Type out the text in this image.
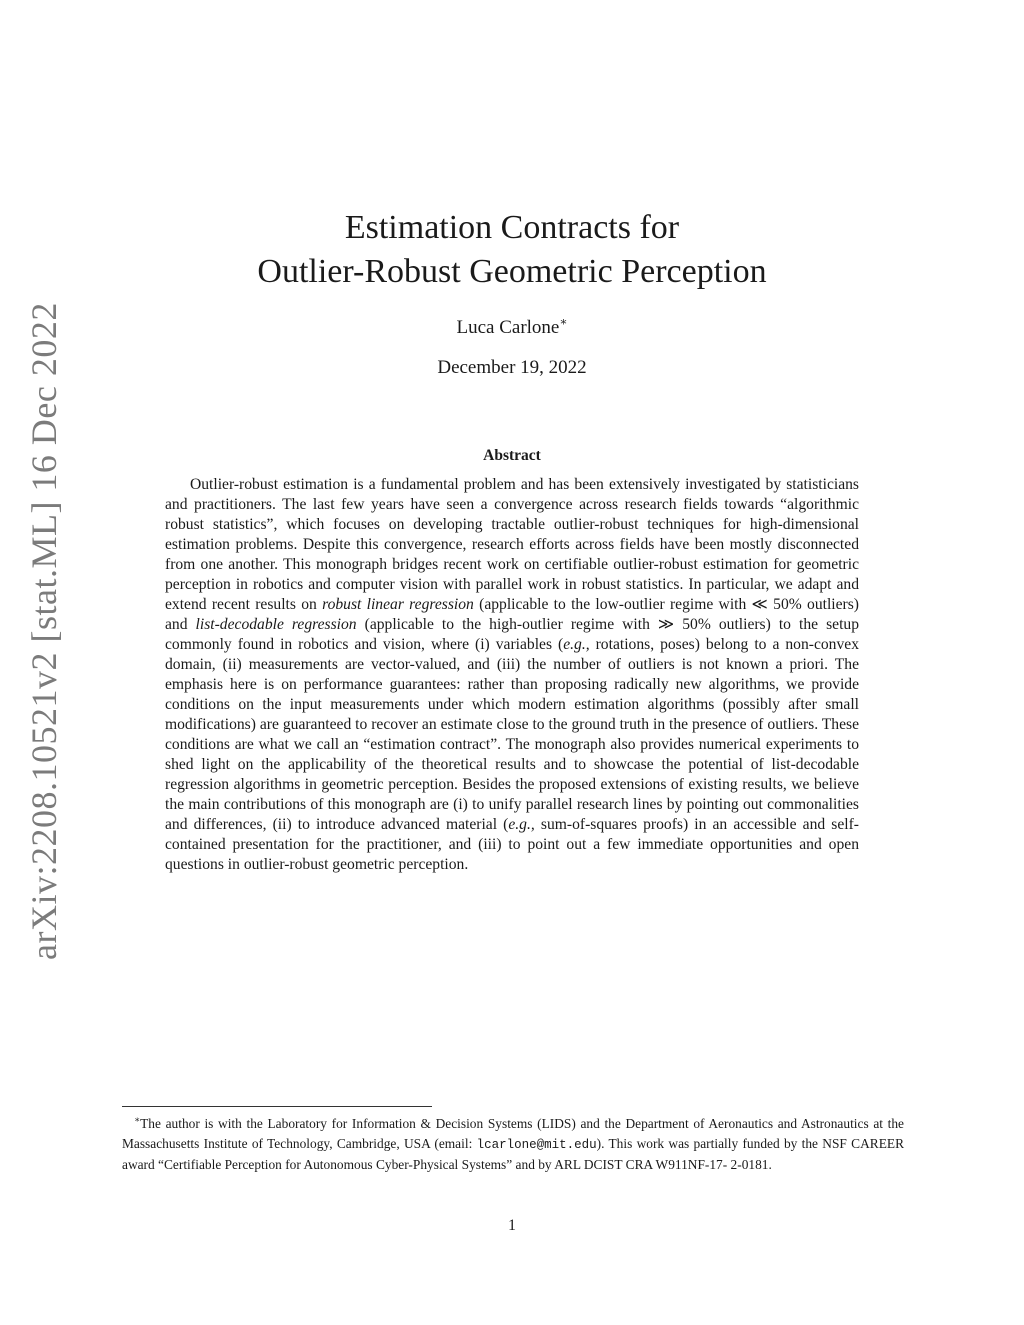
arXiv:2208.10521v2 [stat.ML] 16 Dec 2022
Estimation Contracts for
Outlier-Robust Geometric Perception
Luca Carlone∗
December 19, 2022
Abstract

Outlier-robust estimation is a fundamental problem and has been extensively investigated by statisticians and practitioners. The last few years have seen a convergence across research fields towards “algorithmic robust statistics”, which focuses on developing tractable outlier-robust techniques for high-dimensional estimation problems. Despite this convergence, research efforts across fields have been mostly disconnected from one another. This monograph bridges recent work on certifiable outlier-robust estimation for geometric perception in robotics and computer vision with parallel work in robust statistics. In particular, we adapt and extend recent results on robust linear regression (applicable to the low-outlier regime with ≪ 50% outliers) and list-decodable regression (applicable to the high-outlier regime with ≫ 50% outliers) to the setup commonly found in robotics and vision, where (i) variables (e.g., rotations, poses) belong to a non-convex domain, (ii) measurements are vector-valued, and (iii) the number of outliers is not known a priori. The emphasis here is on performance guarantees: rather than proposing radically new algorithms, we provide conditions on the input measurements under which modern estimation algorithms (possibly after small modifications) are guaranteed to recover an estimate close to the ground truth in the presence of outliers. These conditions are what we call an “estimation contract”. The monograph also provides numerical experiments to shed light on the applicability of the theoretical results and to showcase the potential of list-decodable regression algorithms in geometric perception. Besides the proposed extensions of existing results, we believe the main contributions of this monograph are (i) to unify parallel research lines by pointing out commonalities and differences, (ii) to introduce advanced material (e.g., sum-of-squares proofs) in an accessible and self-contained presentation for the practitioner, and (iii) to point out a few immediate opportunities and open questions in outlier-robust geometric perception.

∗The author is with the Laboratory for Information & Decision Systems (LIDS) and the Department of Aeronautics and Astronautics at the Massachusetts Institute of Technology, Cambridge, USA (email: lcarlone@mit.edu). This work was partially funded by the NSF CAREER award “Certifiable Perception for Autonomous Cyber-Physical Systems” and by ARL DCIST CRA W911NF-17- 2-0181.

1
